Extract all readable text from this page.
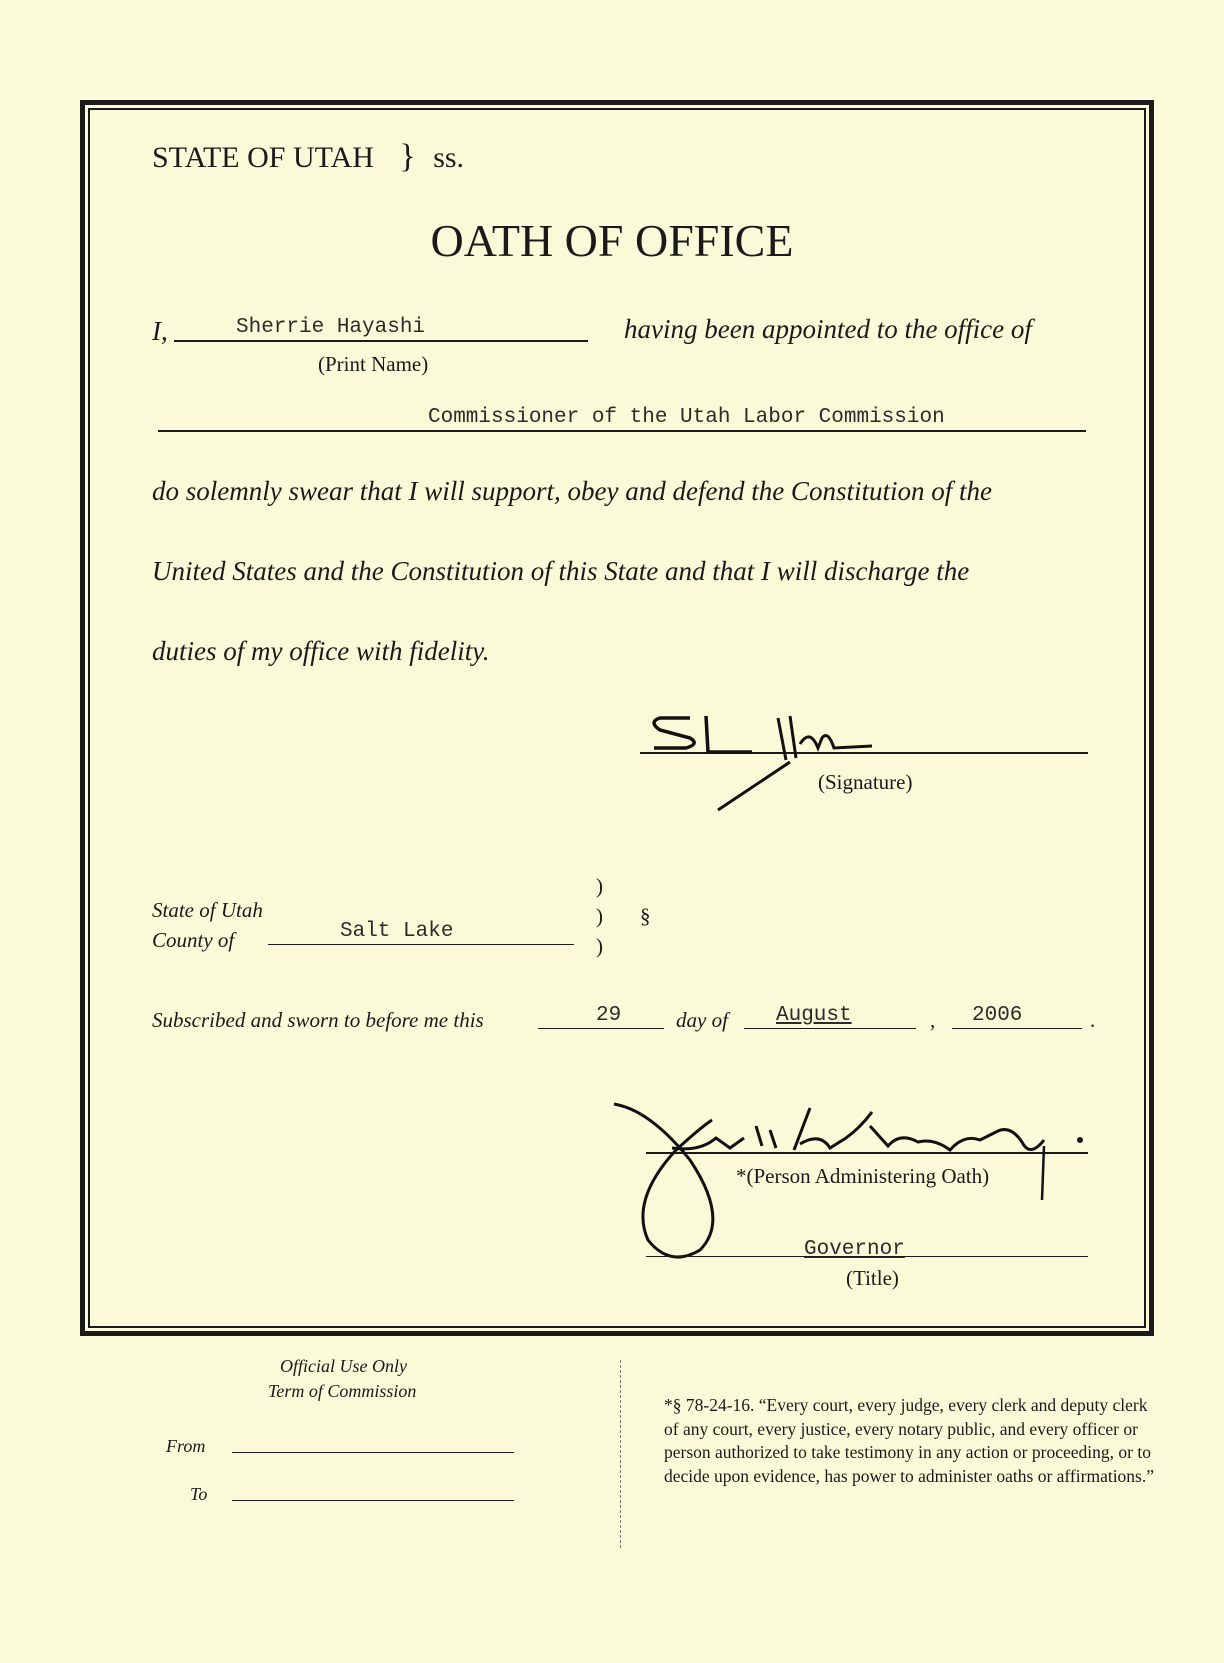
STATE OF UTAH } ss.
OATH OF OFFICE
I,	Sherrie Hayashi
(Print Name)
having been appointed to the office of
Commissioner of the Utah Labor Commission
do solemnly swear that I will support, obey and defend the Constitution of the
United States and the Constitution of this State and that I will discharge the
duties of my office with fidelity.
(Signature)
State of Utah
County of	Salt Lake
)
)
)
§
Subscribed and sworn to before me this	29	day of August	, 2006	.
*(Person Administering Oath)
Governor
(Title)
Official Use Only
Term of Commission
From
To
*§ 78-24-16. “Every court, every judge, every clerk and deputy clerk of any court, every justice, every notary public, and every officer or person authorized to take testimony in any action or proceeding, or to decide upon evidence, has power to administer oaths or affirmations.”
